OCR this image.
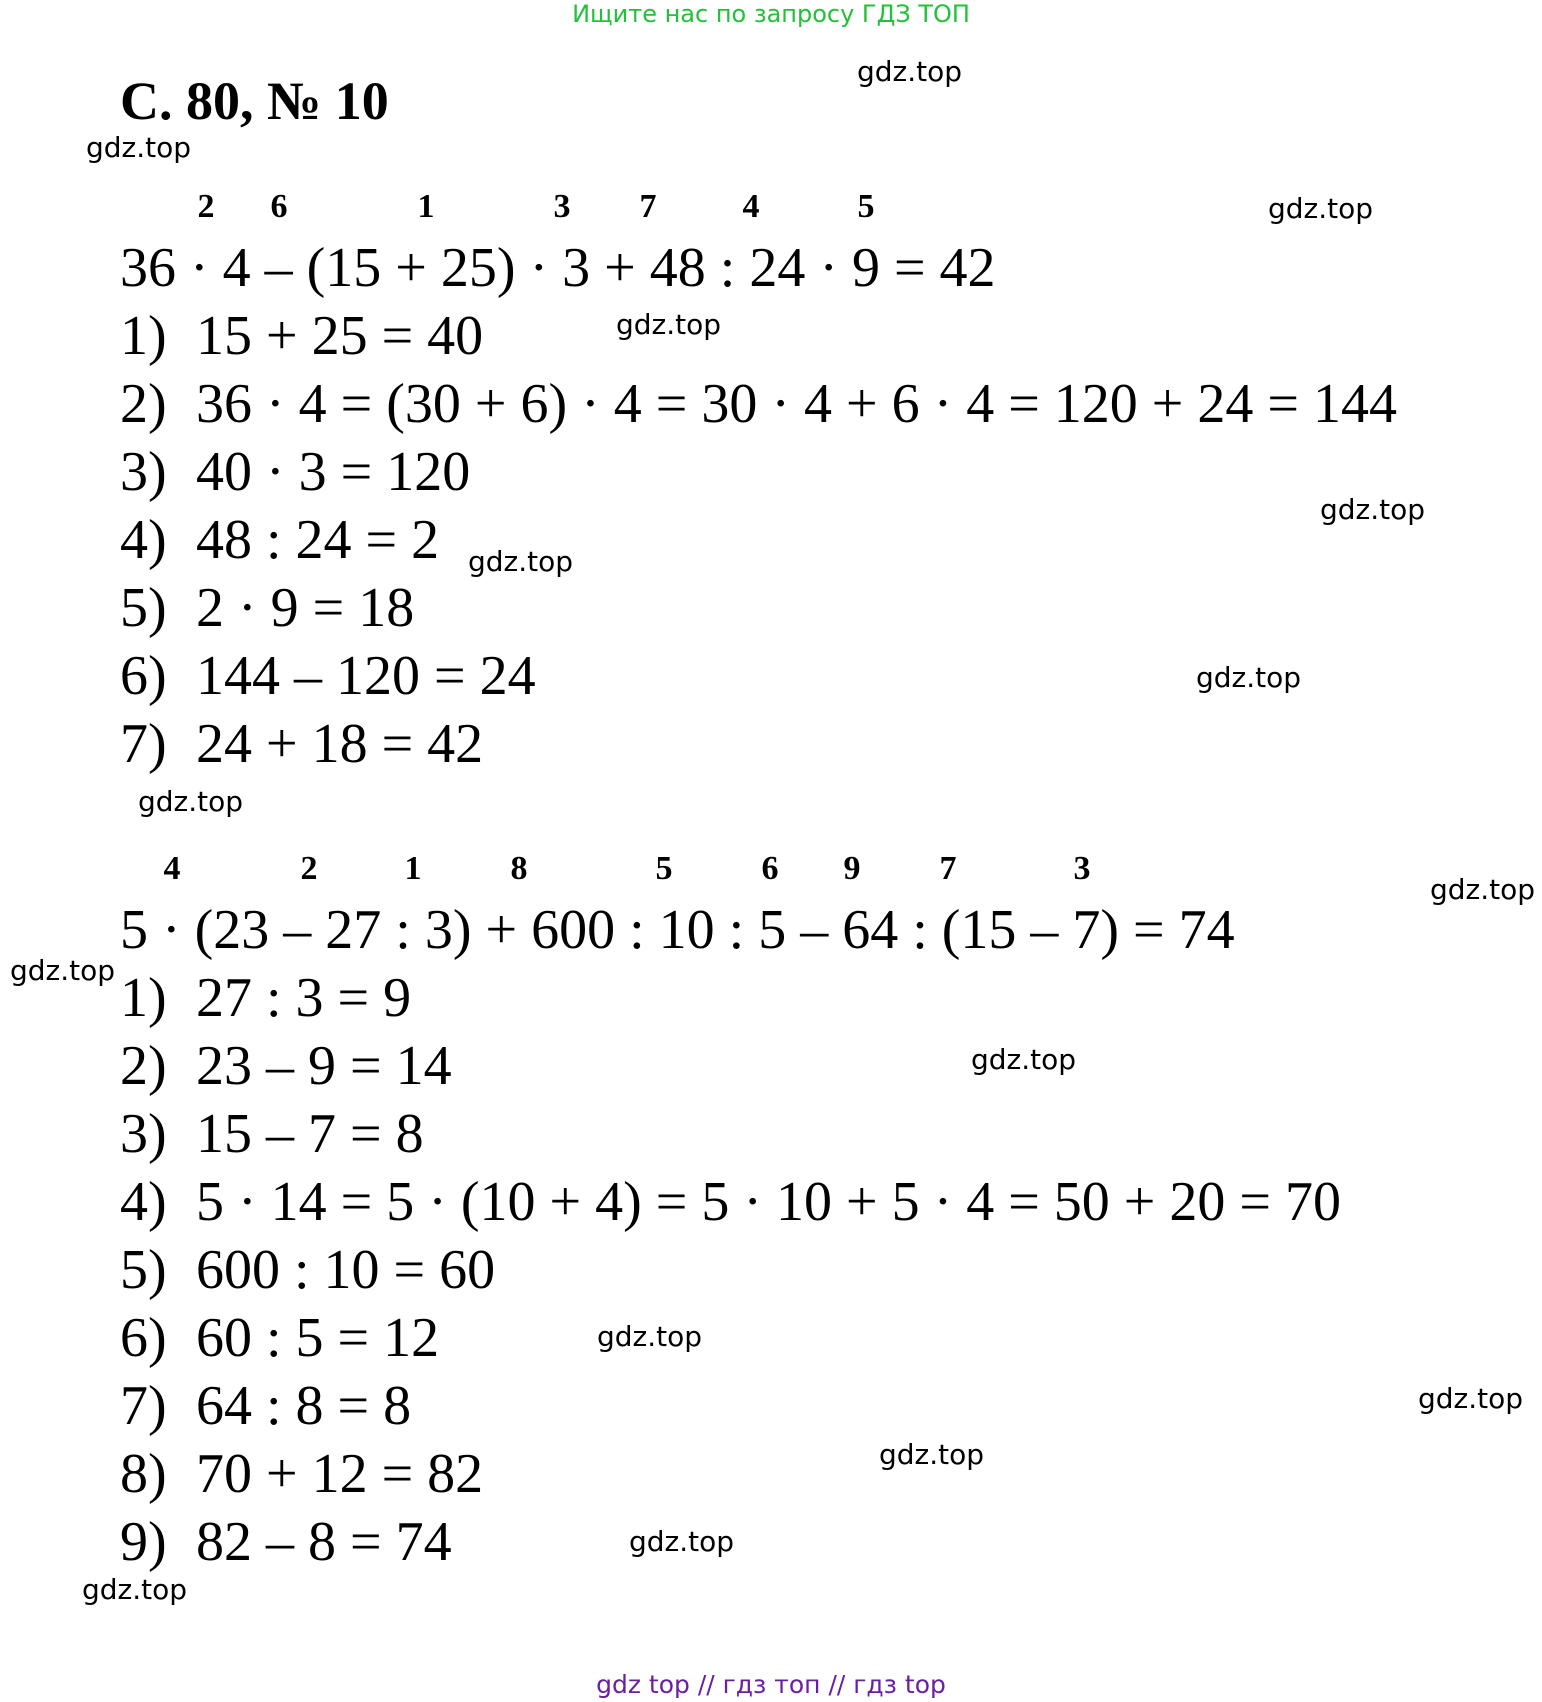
Ищите нас по запросу ГДЗ ТОП
С. 80, № 10
2 6	1	3 7	4	5
36 · 4 – (15 + 25) · 3 + 48 : 24 · 9 = 42
1) 15 + 25 = 40
2) 36 · 4 = (30 + 6) · 4 = 30 · 4 + 6 · 4 = 120 + 24 = 144
3) 40 · 3 = 120
4) 48 : 24 = 2
5) 2 · 9 = 18
6) 144 – 120 = 24
7) 24 + 18 = 42
4	2	1	8	5	6 9 7	3
5 · (23 – 27 : 3) + 600 : 10 : 5 – 64 : (15 – 7) = 74
1) 27 : 3 = 9
2) 23 – 9 = 14
3) 15 – 7 = 8
4) 5 · 14 = 5 · (10 + 4) = 5 · 10 + 5 · 4 = 50 + 20 = 70
5) 600 : 10 = 60
6) 60 : 5 = 12
7) 64 : 8 = 8
8) 70 + 12 = 82
9) 82 – 8 = 74
gdz.top
gdz.top
gdz.top
gdz.top
gdz.top
gdz.top
gdz.top
gdz.top
gdz.top
gdz.top
gdz.top
gdz.top
gdz.top
gdz.top
gdz.top
gdz.top
gdz top // гдз топ // гдз top
